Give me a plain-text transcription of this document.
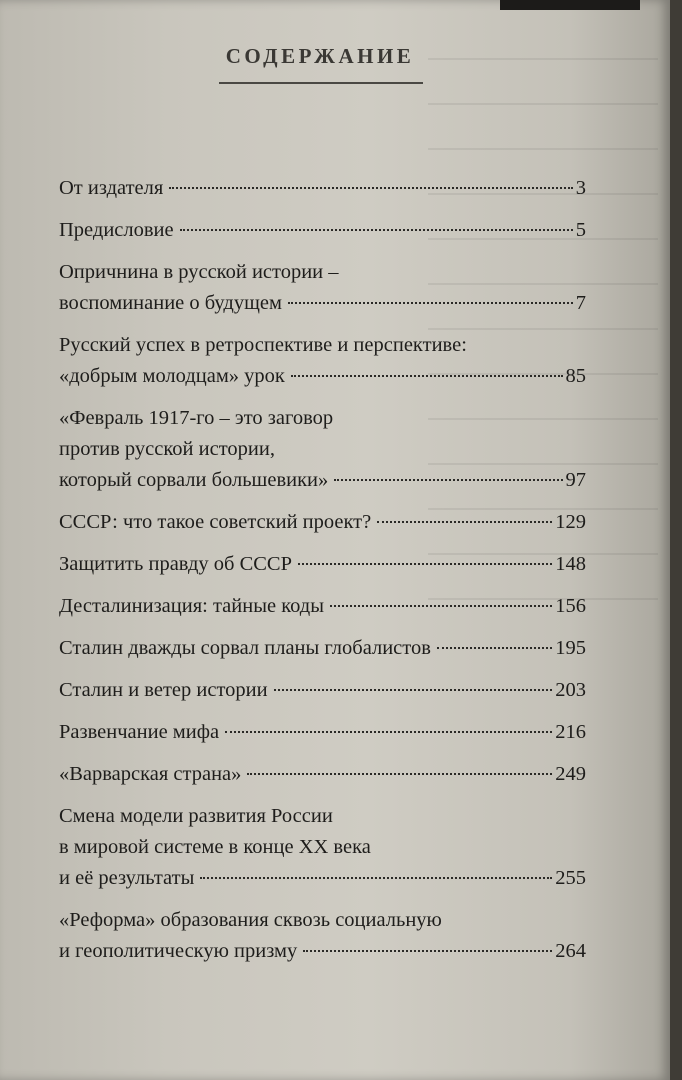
СОДЕРЖАНИЕ
От издателя	3
Предисловие	5
Опричнина в русской истории –
воспоминание о будущем	7
Русский успех в ретроспективе и перспективе:
«добрым молодцам» урок	85
«Февраль 1917-го – это заговор
против русской истории,
который сорвали большевики»	97
СССР: что такое советский проект?	129
Защитить правду об СССР	148
Десталинизация: тайные коды	156
Сталин дважды сорвал планы глобалистов	195
Сталин и ветер истории	203
Развенчание мифа	216
«Варварская страна»	249
Смена модели развития России
в мировой системе в конце XX века
и её результаты	255
«Реформа» образования сквозь социальную
и геополитическую призму	264
